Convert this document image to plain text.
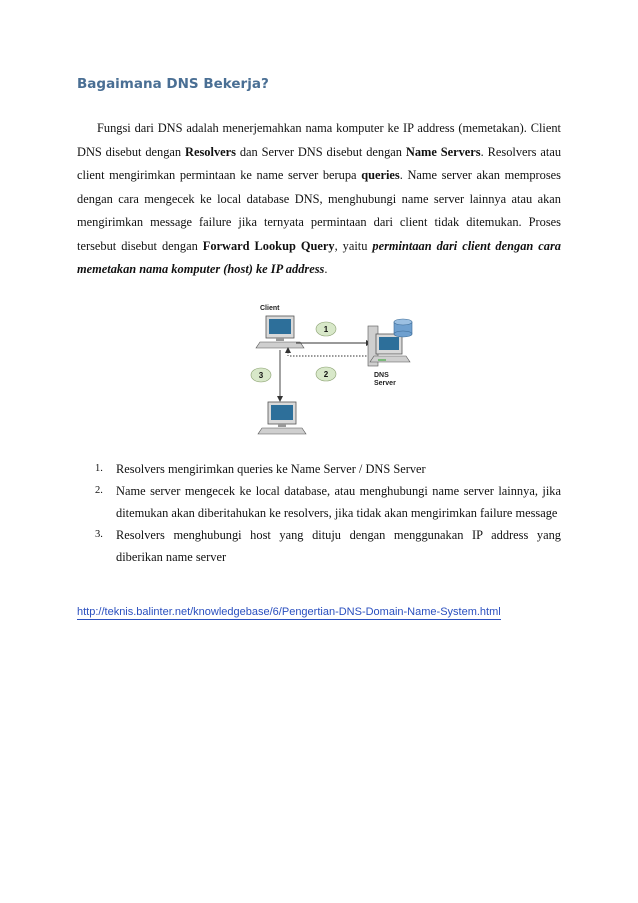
Bagaimana DNS Bekerja?

Fungsi dari DNS adalah menerjemahkan nama komputer ke IP address (memetakan). Client DNS disebut dengan Resolvers dan Server DNS disebut dengan Name Servers. Resolvers atau client mengirimkan permintaan ke name server berupa queries. Name server akan memproses dengan cara mengecek ke local database DNS, menghubungi name server lainnya atau akan mengirimkan message failure jika ternyata permintaan dari client tidak ditemukan. Proses tersebut disebut dengan Forward Lookup Query, yaitu permintaan dari client dengan cara memetakan nama komputer (host) ke IP address.

Client
1
2
3	DNS
Server
1. Resolvers mengirimkan queries ke Name Server / DNS Server
2. Name server mengecek ke local database, atau menghubungi name server lainnya, jika ditemukan akan diberitahukan ke resolvers, jika tidak akan mengirimkan failure message
3. Resolvers menghubungi host yang dituju dengan menggunakan IP address yang diberikan name server
http://teknis.balinter.net/knowledgebase/6/Pengertian-DNS-Domain-Name-System.html
